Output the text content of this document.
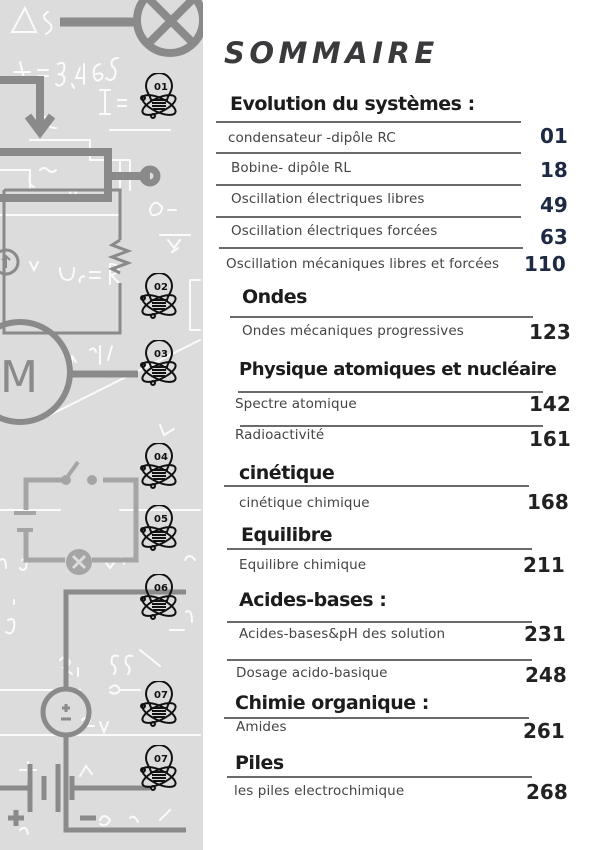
M
01
02
03
04
05
06
07
07
SOMMAIRE
Evolution du systèmes :
condensateur -dipôle RC	01
Bobine- dipôle RL	18
Oscillation électriques libres	49
Oscillation électriques forcées	63
Oscillation mécaniques libres et forcées 110
Ondes
Ondes mécaniques progressives	123
Physique atomiques et nucléaire
Spectre atomique	142
Radioactivité	161
cinétique
cinétique chimique	168
Equilibre
Equilibre chimique	211
Acides-bases :
Acides-bases&pH des solution	231
Dosage acido-basique	248
Chimie organique :
Amides	261
Piles
les piles electrochimique	268
